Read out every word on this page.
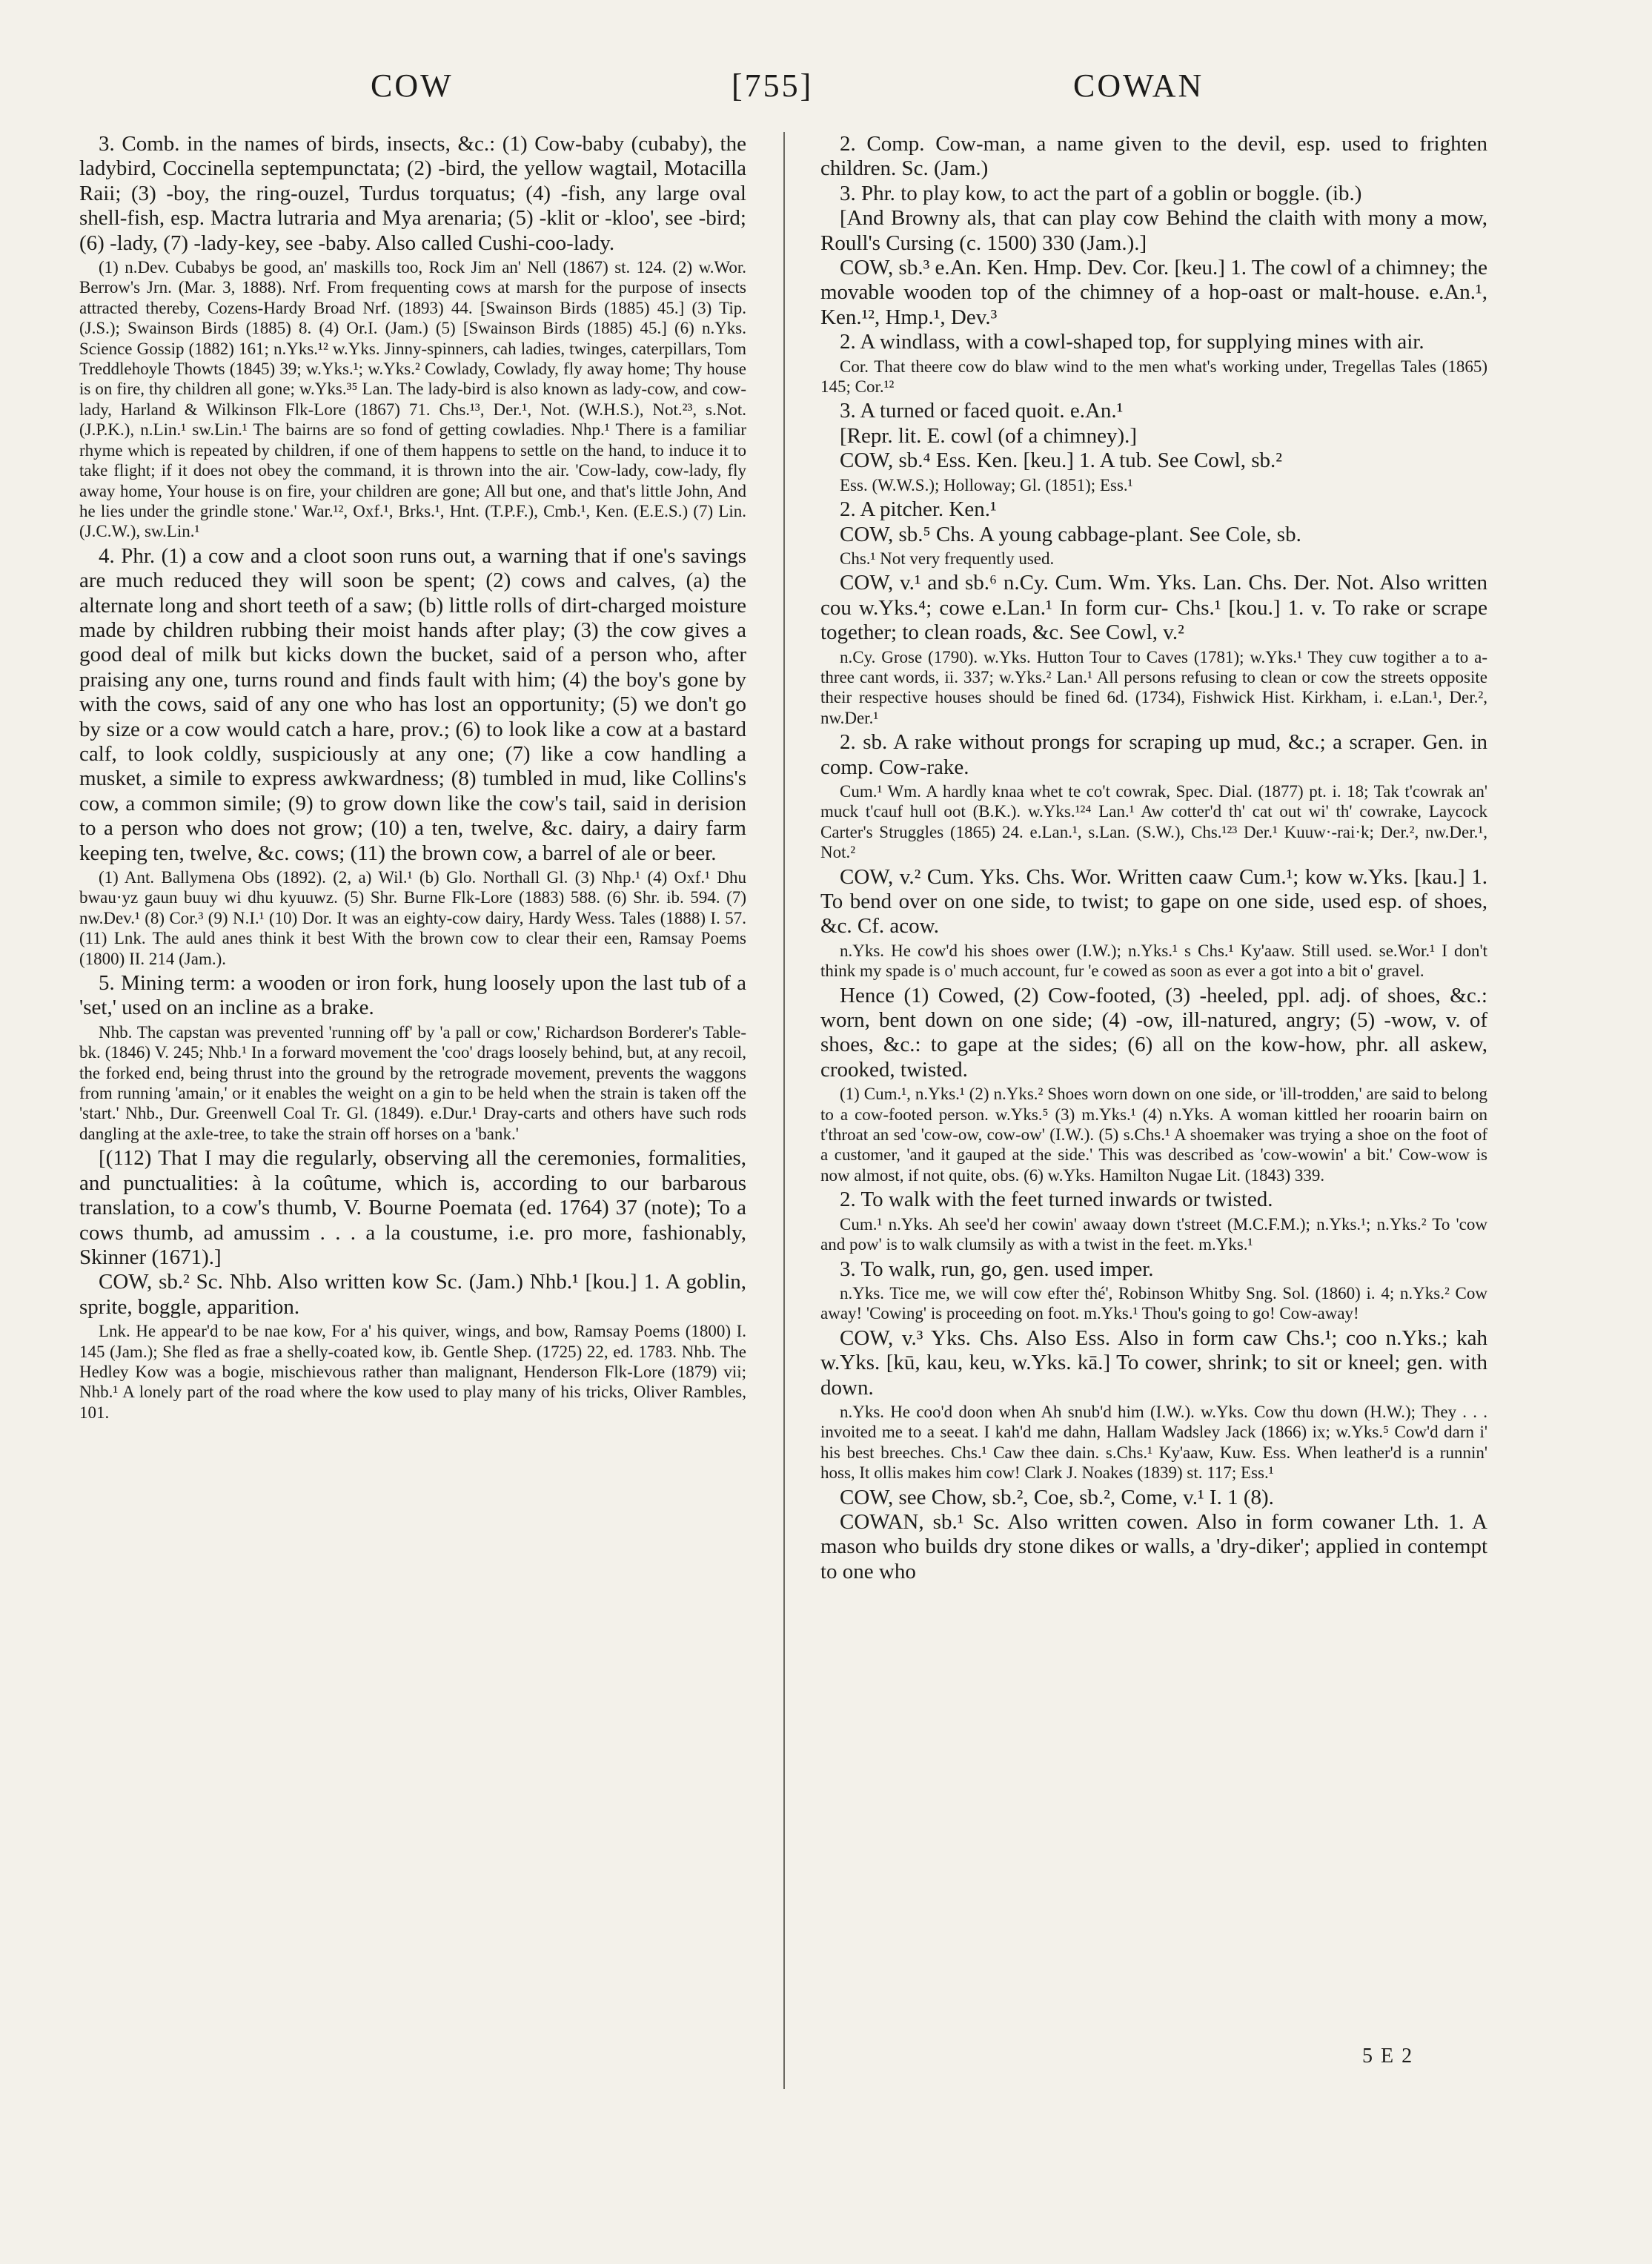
COW	[755]	COWAN

3. Comb. in the names of birds, insects, &c.: (1) Cow-baby (cubaby), the ladybird, Coccinella septempunctata; (2) -bird, the yellow wagtail, Motacilla Raii; (3) -boy, the ring-ouzel, Turdus torquatus; (4) -fish, any large oval shell-fish, esp. Mactra lutraria and Mya arenaria; (5) -klit or -kloo', see -bird; (6) -lady, (7) -lady-key, see -baby. Also called Cushi-coo-lady.

(1) n.Dev. Cubabys be good, an' maskills too, Rock Jim an' Nell (1867) st. 124. (2) w.Wor. Berrow's Jrn. (Mar. 3, 1888). Nrf. From frequenting cows at marsh for the purpose of insects attracted thereby, Cozens-Hardy Broad Nrf. (1893) 44. [Swainson Birds (1885) 45.] (3) Tip. (J.S.); Swainson Birds (1885) 8. (4) Or.I. (Jam.) (5) [Swainson Birds (1885) 45.] (6) n.Yks. Science Gossip (1882) 161; n.Yks.¹² w.Yks. Jinny-spinners, cah ladies, twinges, caterpillars, Tom Treddlehoyle Thowts (1845) 39; w.Yks.¹; w.Yks.² Cowlady, Cowlady, fly away home; Thy house is on fire, thy children all gone; w.Yks.³⁵ Lan. The lady-bird is also known as lady-cow, and cow-lady, Harland & Wilkinson Flk-Lore (1867) 71. Chs.¹³, Der.¹, Not. (W.H.S.), Not.²³, s.Not. (J.P.K.), n.Lin.¹ sw.Lin.¹ The bairns are so fond of getting cowladies. Nhp.¹ There is a familiar rhyme which is repeated by children, if one of them happens to settle on the hand, to induce it to take flight; if it does not obey the command, it is thrown into the air. 'Cow-lady, cow-lady, fly away home, Your house is on fire, your children are gone; All but one, and that's little John, And he lies under the grindle stone.' War.¹², Oxf.¹, Brks.¹, Hnt. (T.P.F.), Cmb.¹, Ken. (E.E.S.) (7) Lin. (J.C.W.), sw.Lin.¹

4. Phr. (1) a cow and a cloot soon runs out, a warning that if one's savings are much reduced they will soon be spent; (2) cows and calves, (a) the alternate long and short teeth of a saw; (b) little rolls of dirt-charged moisture made by children rubbing their moist hands after play; (3) the cow gives a good deal of milk but kicks down the bucket, said of a person who, after praising any one, turns round and finds fault with him; (4) the boy's gone by with the cows, said of any one who has lost an opportunity; (5) we don't go by size or a cow would catch a hare, prov.; (6) to look like a cow at a bastard calf, to look coldly, suspiciously at any one; (7) like a cow handling a musket, a simile to express awkwardness; (8) tumbled in mud, like Collins's cow, a common simile; (9) to grow down like the cow's tail, said in derision to a person who does not grow; (10) a ten, twelve, &c. dairy, a dairy farm keeping ten, twelve, &c. cows; (11) the brown cow, a barrel of ale or beer.

(1) Ant. Ballymena Obs (1892). (2, a) Wil.¹ (b) Glo. Northall Gl. (3) Nhp.¹ (4) Oxf.¹ Dhu bwau·yz gaun buuy wi dhu kyuuwz. (5) Shr. Burne Flk-Lore (1883) 588. (6) Shr. ib. 594. (7) nw.Dev.¹ (8) Cor.³ (9) N.I.¹ (10) Dor. It was an eighty-cow dairy, Hardy Wess. Tales (1888) I. 57. (11) Lnk. The auld anes think it best With the brown cow to clear their een, Ramsay Poems (1800) II. 214 (Jam.).

5. Mining term: a wooden or iron fork, hung loosely upon the last tub of a 'set,' used on an incline as a brake.

Nhb. The capstan was prevented 'running off' by 'a pall or cow,' Richardson Borderer's Table-bk. (1846) V. 245; Nhb.¹ In a forward movement the 'coo' drags loosely behind, but, at any recoil, the forked end, being thrust into the ground by the retrograde movement, prevents the waggons from running 'amain,' or it enables the weight on a gin to be held when the strain is taken off the 'start.' Nhb., Dur. Greenwell Coal Tr. Gl. (1849). e.Dur.¹ Dray-carts and others have such rods dangling at the axle-tree, to take the strain off horses on a 'bank.'

[(112) That I may die regularly, observing all the ceremonies, formalities, and punctualities: à la coûtume, which is, according to our barbarous translation, to a cow's thumb, V. Bourne Poemata (ed. 1764) 37 (note); To a cows thumb, ad amussim . . . a la coustume, i.e. pro more, fashionably, Skinner (1671).]

COW, sb.² Sc. Nhb. Also written kow Sc. (Jam.) Nhb.¹ [kou.] 1. A goblin, sprite, boggle, apparition.

Lnk. He appear'd to be nae kow, For a' his quiver, wings, and bow, Ramsay Poems (1800) I. 145 (Jam.); She fled as frae a shelly-coated kow, ib. Gentle Shep. (1725) 22, ed. 1783. Nhb. The Hedley Kow was a bogie, mischievous rather than malignant, Henderson Flk-Lore (1879) vii; Nhb.¹ A lonely part of the road where the kow used to play many of his tricks, Oliver Rambles, 101.

2. Comp. Cow-man, a name given to the devil, esp. used to frighten children. Sc. (Jam.)

3. Phr. to play kow, to act the part of a goblin or boggle. (ib.)

[And Browny als, that can play cow Behind the claith with mony a mow, Roull's Cursing (c. 1500) 330 (Jam.).]

COW, sb.³ e.An. Ken. Hmp. Dev. Cor. [keu.] 1. The cowl of a chimney; the movable wooden top of the chimney of a hop-oast or malt-house. e.An.¹, Ken.¹², Hmp.¹, Dev.³

2. A windlass, with a cowl-shaped top, for supplying mines with air.

Cor. That theere cow do blaw wind to the men what's working under, Tregellas Tales (1865) 145; Cor.¹²

3. A turned or faced quoit. e.An.¹

[Repr. lit. E. cowl (of a chimney).]

COW, sb.⁴ Ess. Ken. [keu.] 1. A tub. See Cowl, sb.²

Ess. (W.W.S.); Holloway; Gl. (1851); Ess.¹

2. A pitcher. Ken.¹

COW, sb.⁵ Chs. A young cabbage-plant. See Cole, sb.

Chs.¹ Not very frequently used.

COW, v.¹ and sb.⁶ n.Cy. Cum. Wm. Yks. Lan. Chs. Der. Not. Also written cou w.Yks.⁴; cowe e.Lan.¹ In form cur- Chs.¹ [kou.] 1. v. To rake or scrape together; to clean roads, &c. See Cowl, v.²

n.Cy. Grose (1790). w.Yks. Hutton Tour to Caves (1781); w.Yks.¹ They cuw togither a to a-three cant words, ii. 337; w.Yks.² Lan.¹ All persons refusing to clean or cow the streets opposite their respective houses should be fined 6d. (1734), Fishwick Hist. Kirkham, i. e.Lan.¹, Der.², nw.Der.¹

2. sb. A rake without prongs for scraping up mud, &c.; a scraper. Gen. in comp. Cow-rake.

Cum.¹ Wm. A hardly knaa whet te co't cowrak, Spec. Dial. (1877) pt. i. 18; Tak t'cowrak an' muck t'cauf hull oot (B.K.). w.Yks.¹²⁴ Lan.¹ Aw cotter'd th' cat out wi' th' cowrake, Laycock Carter's Struggles (1865) 24. e.Lan.¹, s.Lan. (S.W.), Chs.¹²³ Der.¹ Kuuw·-rai·k; Der.², nw.Der.¹, Not.²

COW, v.² Cum. Yks. Chs. Wor. Written caaw Cum.¹; kow w.Yks. [kau.] 1. To bend over on one side, to twist; to gape on one side, used esp. of shoes, &c. Cf. acow.

n.Yks. He cow'd his shoes ower (I.W.); n.Yks.¹ s Chs.¹ Ky'aaw. Still used. se.Wor.¹ I don't think my spade is o' much account, fur 'e cowed as soon as ever a got into a bit o' gravel.

Hence (1) Cowed, (2) Cow-footed, (3) -heeled, ppl. adj. of shoes, &c.: worn, bent down on one side; (4) -ow, ill-natured, angry; (5) -wow, v. of shoes, &c.: to gape at the sides; (6) all on the kow-how, phr. all askew, crooked, twisted.

(1) Cum.¹, n.Yks.¹ (2) n.Yks.² Shoes worn down on one side, or 'ill-trodden,' are said to belong to a cow-footed person. w.Yks.⁵ (3) m.Yks.¹ (4) n.Yks. A woman kittled her rooarin bairn on t'throat an sed 'cow-ow, cow-ow' (I.W.). (5) s.Chs.¹ A shoemaker was trying a shoe on the foot of a customer, 'and it gauped at the side.' This was described as 'cow-wowin' a bit.' Cow-wow is now almost, if not quite, obs. (6) w.Yks. Hamilton Nugae Lit. (1843) 339.

2. To walk with the feet turned inwards or twisted.

Cum.¹ n.Yks. Ah see'd her cowin' awaay down t'street (M.C.F.M.); n.Yks.¹; n.Yks.² To 'cow and pow' is to walk clumsily as with a twist in the feet. m.Yks.¹

3. To walk, run, go, gen. used imper.

n.Yks. Tice me, we will cow efter thé', Robinson Whitby Sng. Sol. (1860) i. 4; n.Yks.² Cow away! 'Cowing' is proceeding on foot. m.Yks.¹ Thou's going to go! Cow-away!

COW, v.³ Yks. Chs. Also Ess. Also in form caw Chs.¹; coo n.Yks.; kah w.Yks. [kū, kau, keu, w.Yks. kā.] To cower, shrink; to sit or kneel; gen. with down.

n.Yks. He coo'd doon when Ah snub'd him (I.W.). w.Yks. Cow thu down (H.W.); They . . . invoited me to a seeat. I kah'd me dahn, Hallam Wadsley Jack (1866) ix; w.Yks.⁵ Cow'd darn i' his best breeches. Chs.¹ Caw thee dain. s.Chs.¹ Ky'aaw, Kuw. Ess. When leather'd is a runnin' hoss, It ollis makes him cow! Clark J. Noakes (1839) st. 117; Ess.¹

COW, see Chow, sb.², Coe, sb.², Come, v.¹ I. 1 (8).

COWAN, sb.¹ Sc. Also written cowen. Also in form cowaner Lth. 1. A mason who builds dry stone dikes or walls, a 'dry-diker'; applied in contempt to one who

5 E 2
